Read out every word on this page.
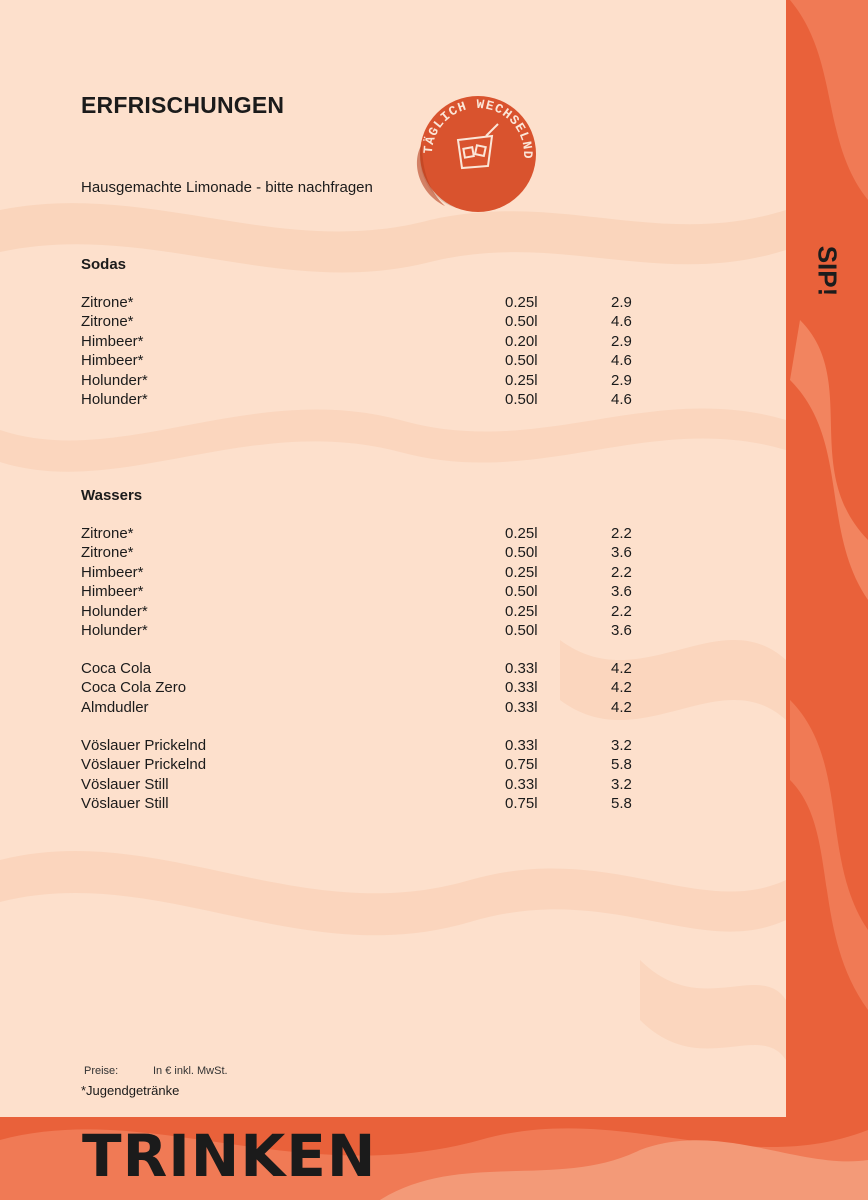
ERFRISCHUNGEN

Hausgemachte Limonade - bitte nachfragen

TÄGLICH WECHSELND
Sodas
Zitrone*	0.25l	2.9
Zitrone*	0.50l	4.6
Himbeer*	0.20l	2.9
Himbeer*	0.50l	4.6
Holunder*	0.25l	2.9
Holunder*	0.50l	4.6
Wassers
Zitrone*	0.25l	2.2
Zitrone*	0.50l	3.6
Himbeer*	0.25l	2.2
Himbeer*	0.50l	3.6
Holunder*	0.25l	2.2
Holunder*	0.50l	3.6
Coca Cola	0.33l	4.2
Coca Cola Zero	0.33l	4.2
Almdudler	0.33l	4.2
Vöslauer Prickelnd	0.33l	3.2
Vöslauer Prickelnd	0.75l	5.8
Vöslauer Still	0.33l	3.2
Vöslauer Still	0.75l	5.8
Preise:	In € inkl. MwSt.

*Jugendgetränke

SIP!
TRINKEN
